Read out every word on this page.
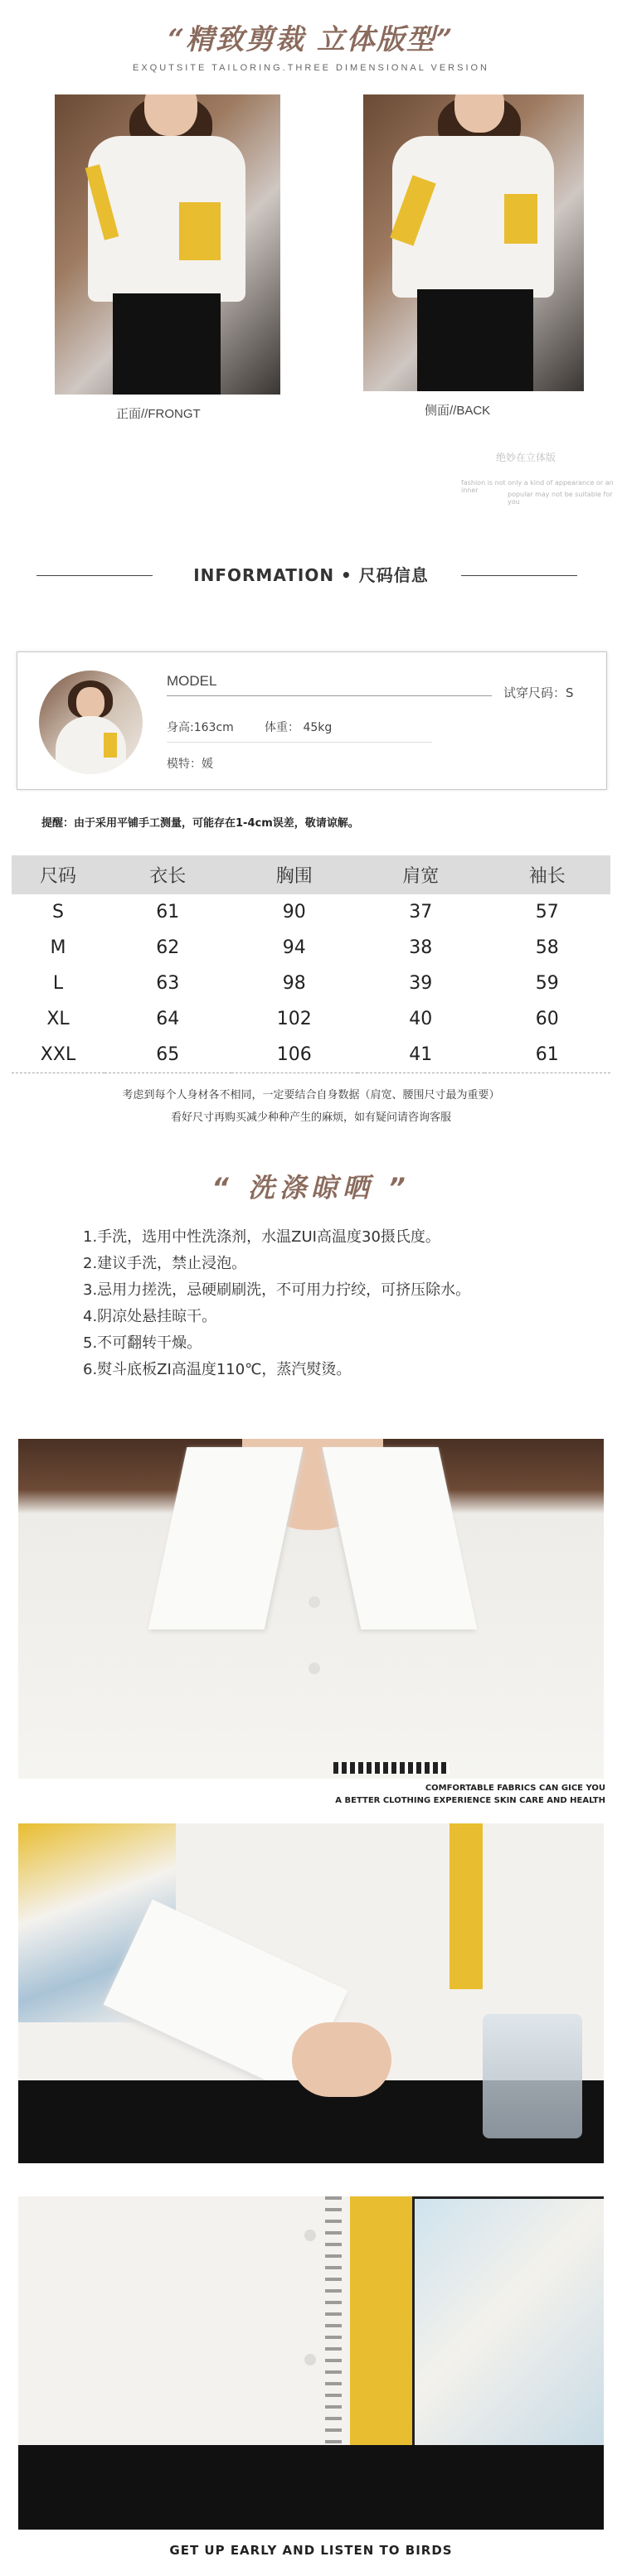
“精致剪裁 立体版型”
EXQUTSITE TAILORING.THREE DIMENSIONAL VERSION
正面//FRONGT	侧面//BACK
绝妙在立体版
fashion is not only a kind of appearance or an inner
popular may not be suitable for you
INFORMATION • 尺码信息
MODEL
试穿尺码：S
身高:163cm	体重： 45kg
模特：媛
提醒：由于采用平铺手工测量，可能存在1-4cm误差，敬请谅解。
尺码	衣长	胸围	肩宽	袖长
S	61	90	37	57
M	62	94	38	58
L	63	98	39	59
XL	64	102	40	60
XXL	65	106	41	61
考虑到每个人身材各不相同，一定要结合自身数据（肩宽、腰围尺寸最为重要）
看好尺寸再购买减少种种产生的麻烦，如有疑问请咨询客服
“ 洗涤晾晒 ”
1.手洗，选用中性洗涤剂，水温ZUI高温度30摄氏度。
2.建议手洗，禁止浸泡。
3.忌用力搓洗，忌硬刷刷洗，不可用力拧绞，可挤压除水。
4.阴凉处悬挂晾干。
5.不可翻转干燥。
6.熨斗底板ZI高温度110℃，蒸汽熨烫。
COMFORTABLE FABRICS CAN GICE YOU
A BETTER CLOTHING EXPERIENCE SKIN CARE AND HEALTH
GET UP EARLY AND LISTEN TO BIRDS
